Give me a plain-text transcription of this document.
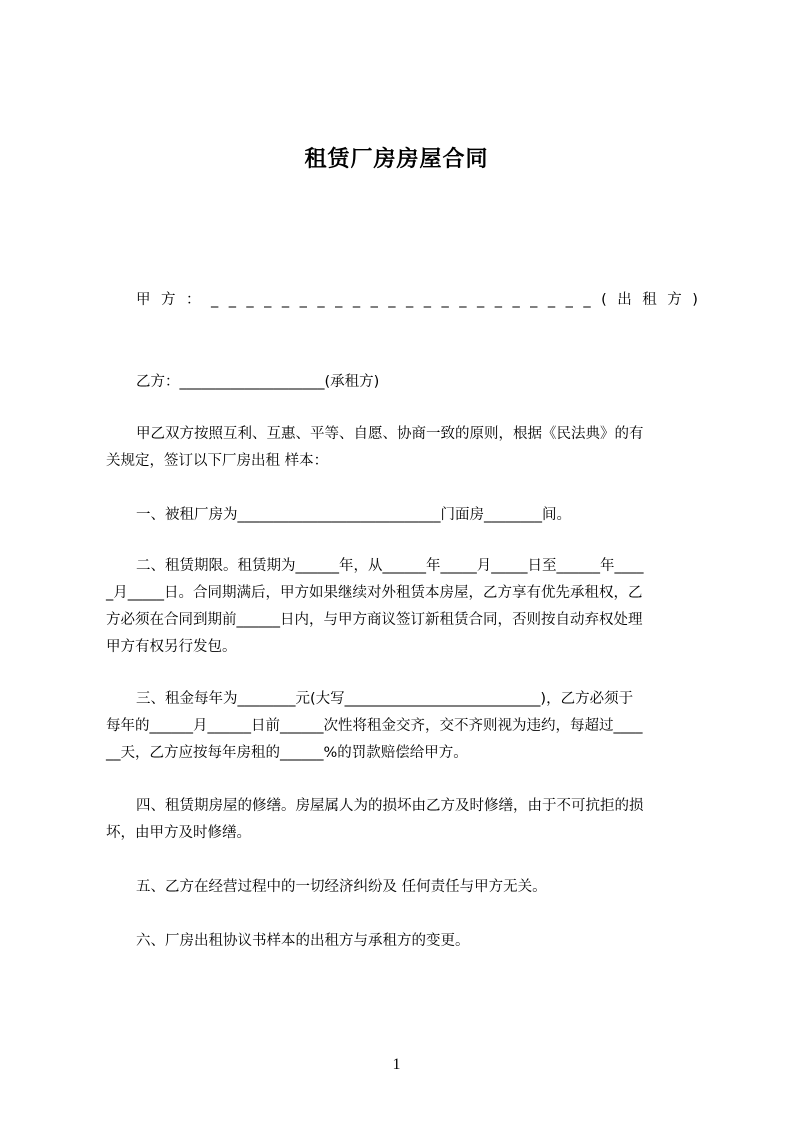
租赁厂房房屋合同
甲 方 ： _ _ _ _ _ _ _ _ _ _ _ _ _ _ _ _ _ _ _ _ _ _ ( 出 租 方 )
乙方：____________________(承租方)
甲乙双方按照互利、互惠、平等、自愿、协商一致的原则，根据《民法典》的有
关规定，签订以下厂房出租 样本：
一、被租厂房为____________________________门面房________间。
二、租赁期限。租赁期为______年，从______年_____月_____日至______年____
_月_____日。合同期满后，甲方如果继续对外租赁本房屋，乙方享有优先承租权，乙
方必须在合同到期前______日内，与甲方商议签订新租赁合同，否则按自动弃权处理
甲方有权另行发包。
三、租金每年为________元(大写___________________________)，乙方必须于
每年的______月______日前______次性将租金交齐，交不齐则视为违约，每超过____
__天，乙方应按每年房租的______%的罚款赔偿给甲方。
四、租赁期房屋的修缮。房屋属人为的损坏由乙方及时修缮，由于不可抗拒的损
坏，由甲方及时修缮。
五、乙方在经营过程中的一切经济纠纷及 任何责任与甲方无关。
六、厂房出租协议书样本的出租方与承租方的变更。
1
